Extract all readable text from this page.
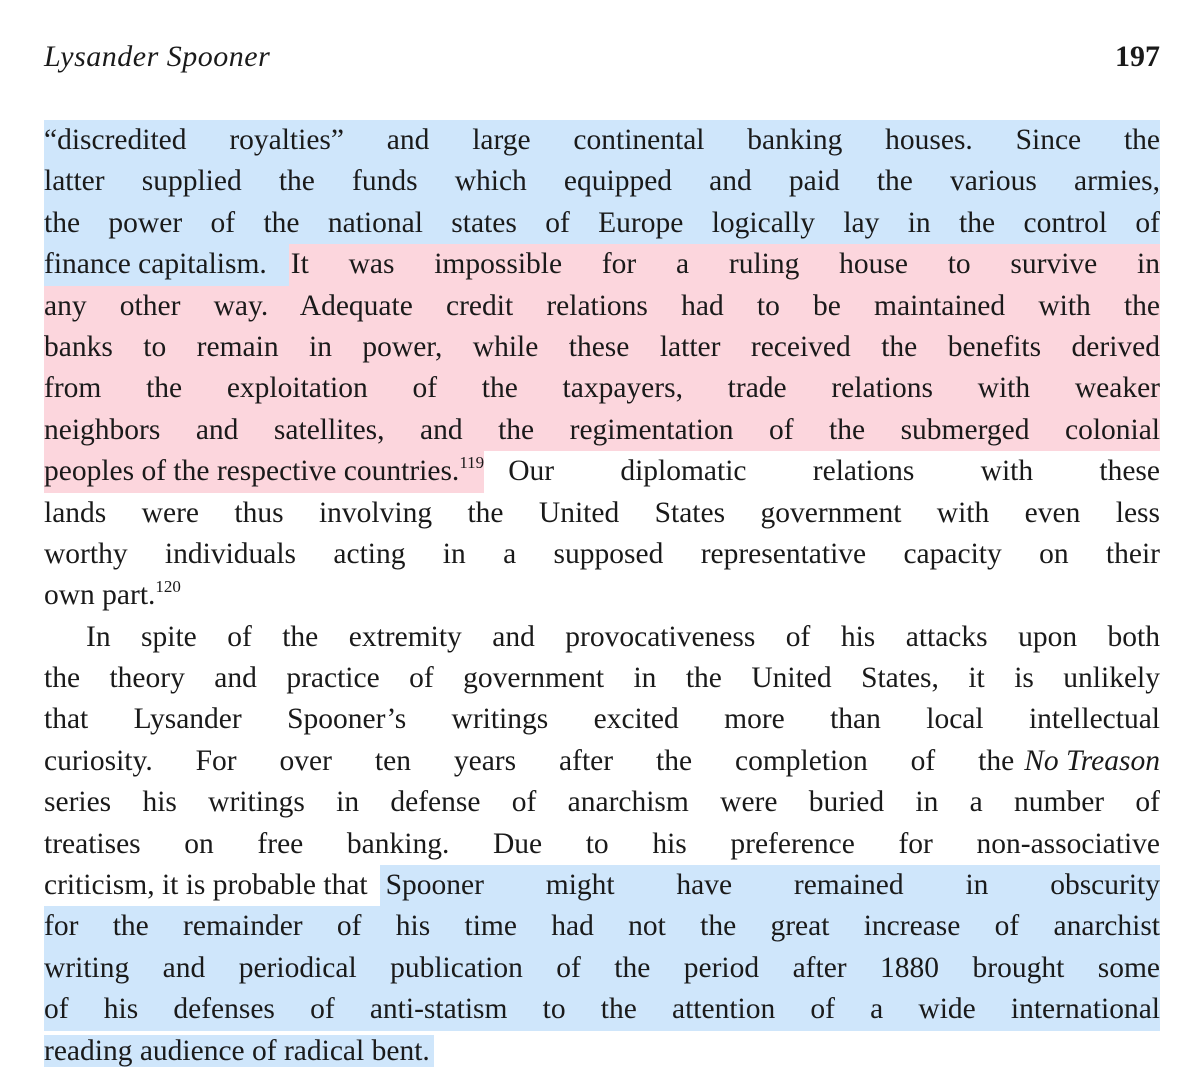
Lysander Spooner	197
“discredited royalties” and large continental banking houses. Since the
latter supplied the funds which equipped and paid the various armies,
the power of the national states of Europe logically lay in the control of
finance capitalism. It was impossible for a ruling house to survive in
any other way. Adequate credit relations had to be maintained with the
banks to remain in power, while these latter received the benefits derived
from the exploitation of the taxpayers, trade relations with weaker
neighbors and satellites, and the regimentation of the submerged colonial
peoples of the respective countries.$^{119}$ Our diplomatic relations with these
lands were thus involving the United States government with even less
worthy individuals acting in a supposed representative capacity on their
own part.$^{120}$
In spite of the extremity and provocativeness of his attacks upon both
the theory and practice of government in the United States, it is unlikely
that Lysander Spooner’s writings excited more than local intellectual
curiosity. For over ten years after the completion of the No Treason
series his writings in defense of anarchism were buried in a number of
treatises on free banking. Due to his preference for non-associative
criticism, it is probable that Spooner might have remained in obscurity
for the remainder of his time had not the great increase of anarchist
writing and periodical publication of the period after 1880 brought some
of his defenses of anti-statism to the attention of a wide international
reading audience of radical bent.
